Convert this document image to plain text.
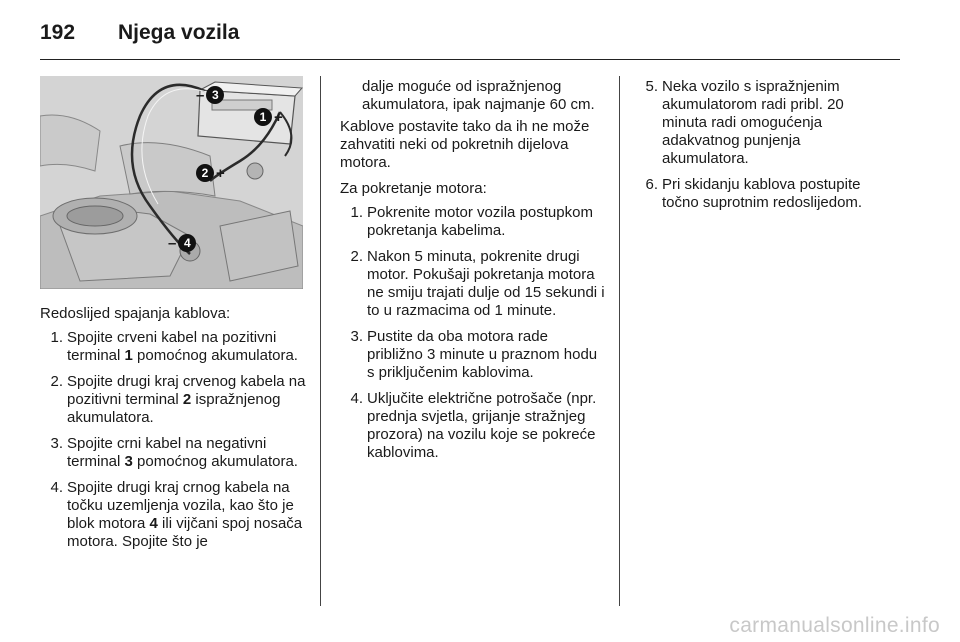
192	Njega vozila
– 3
1 +
2 +
– 4

Redoslijed spajanja kablova:

1. Spojite crveni kabel na pozitivni terminal 1 pomoćnog akumulatora.
2. Spojite drugi kraj crvenog kabela na pozitivni terminal 2 ispražnjenog akumulatora.
3. Spojite crni kabel na negativni terminal 3 pomoćnog akumulatora.
4. Spojite drugi kraj crnog kabela na točku uzemljenja vozila, kao što je blok motora 4 ili vijčani spoj nosača motora. Spojite što je

dalje moguće od ispražnjenog akumulatora, ipak najmanje 60 cm.

Kablove postavite tako da ih ne može zahvatiti neki od pokretnih dijelova motora.

Za pokretanje motora:

1. Pokrenite motor vozila postupkom pokretanja kabelima.
2. Nakon 5 minuta, pokrenite drugi motor. Pokušaji pokretanja motora ne smiju trajati dulje od 15 sekundi i to u razmacima od 1 minute.
3. Pustite da oba motora rade približno 3 minute u praznom hodu s priključenim kablovima.
4. Uključite električne potrošače (npr. prednja svjetla, grijanje stražnjeg prozora) na vozilu koje se pokreće kablovima.
5. Neka vozilo s ispražnjenim akumulatorom radi pribl. 20 minuta radi omogućenja adakvatnog punjenja akumulatora.
6. Pri skidanju kablova postupite točno suprotnim redoslijedom.
carmanualsonline.info
